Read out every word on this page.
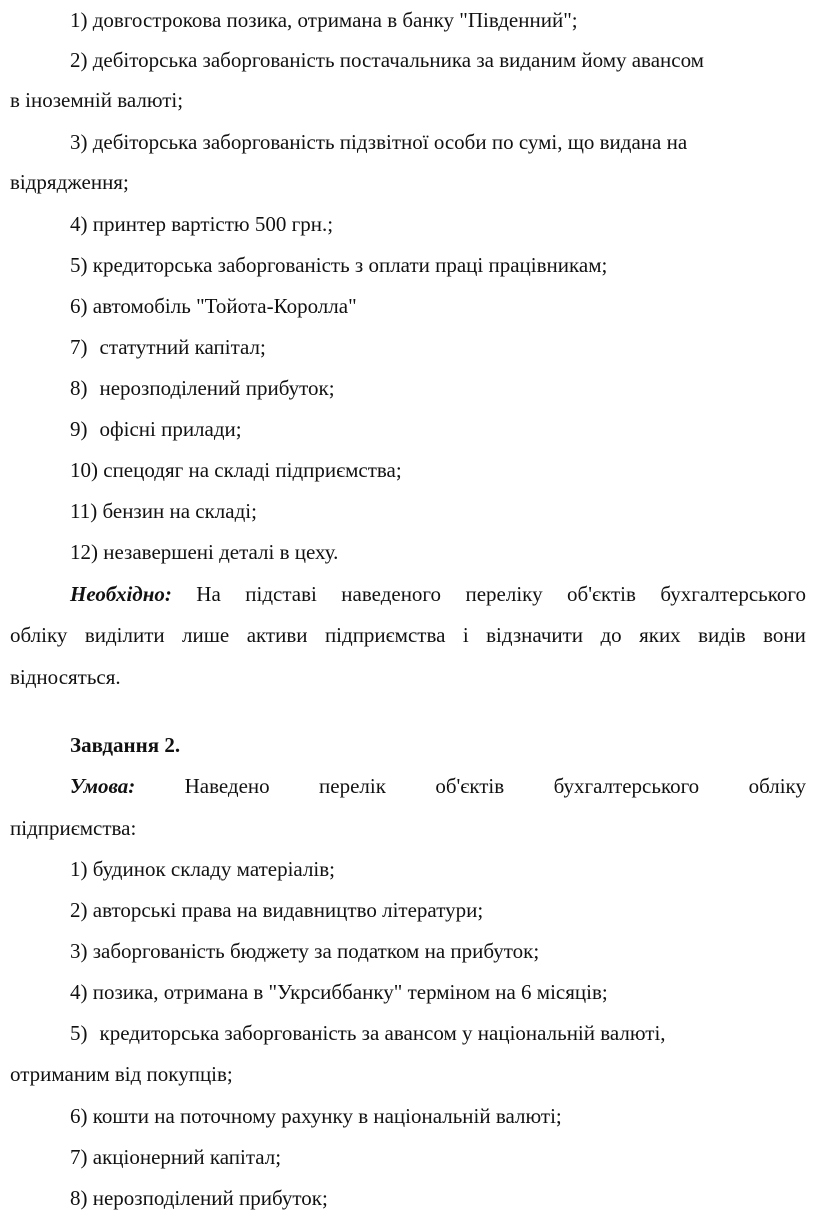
1) довгострокова позика, отримана в банку "Південний";
2) дебіторська заборгованість постачальника за виданим йому авансом
в іноземній валюті;
3) дебіторська заборгованість підзвітної особи по сумі, що видана на
відрядження;
4) принтер вартістю 500 грн.;
5) кредиторська заборгованість з оплати праці працівникам;
6) автомобіль "Тойота-Королла"
7) статутний капітал;
8) нерозподілений прибуток;
9) офісні прилади;
10) спецодяг на складі підприємства;
11) бензин на складі;
12) незавершені деталі в цеху.
Необхідно: На підставі наведеного переліку об'єктів бухгалтерського
обліку виділити лише активи підприємства і відзначити до яких видів вони
відносяться.
Завдання 2.
Умова: Наведено перелік об'єктів бухгалтерського обліку
підприємства:
1) будинок складу матеріалів;
2) авторські права на видавництво літератури;
3) заборгованість бюджету за податком на прибуток;
4) позика, отримана в "Укрсиббанку" терміном на 6 місяців;
5) кредиторська заборгованість за авансом у національній валюті,
отриманим від покупців;
6) кошти на поточному рахунку в національній валюті;
7) акціонерний капітал;
8) нерозподілений прибуток;
